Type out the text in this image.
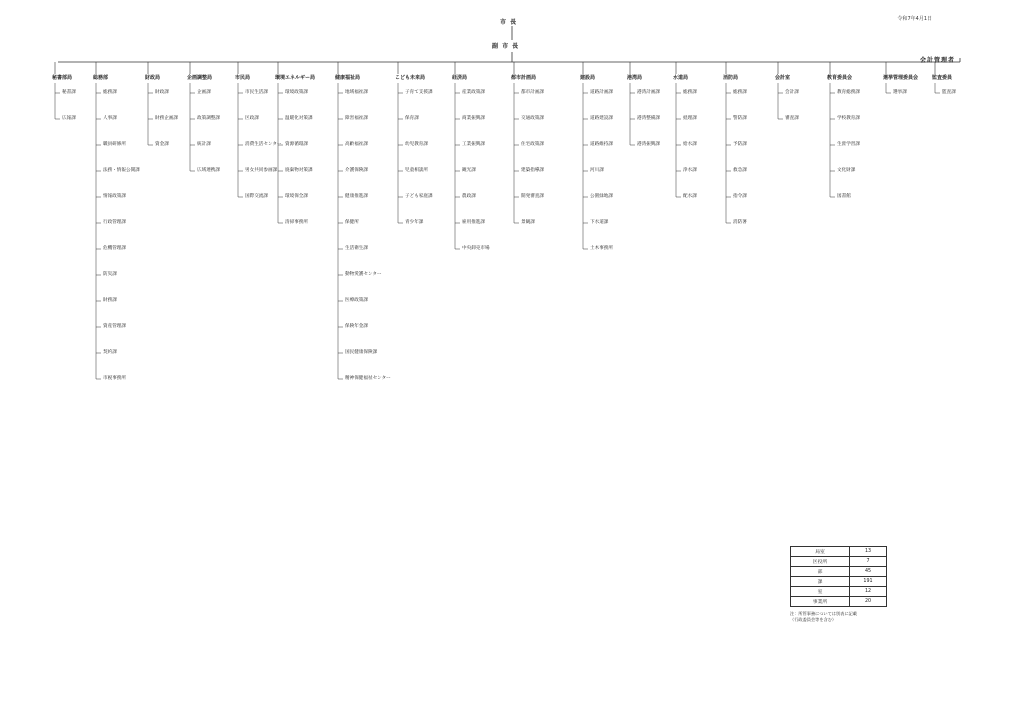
市 長
副 市 長
会計管理者
令和7年4月1日
秘書部局
秘書課
広報課
総務部
総務課
人事課
職員研修所
法務・情報公開課
情報政策課
行政管理課
危機管理課
防災課
財務課
資産管理課
契約課
市税事務所
財政局
財政課
財務企画課
資金課
企画調整局
企画課
政策調整課
統計課
広域連携課
市民局
市民生活課
区政課
消費生活センター
男女共同参画課
国際交流課
環境エネルギー局
環境政策課
温暖化対策課
資源循環課
廃棄物対策課
環境保全課
清掃事務所
健康福祉局
地域福祉課
障害福祉課
高齢福祉課
介護保険課
健康推進課
保健所
生活衛生課
動物愛護センター
医療政策課
保険年金課
国民健康保険課
精神保健福祉センター
こども未来局
子育て支援課
保育課
幼児教育課
児童相談所
子ども家庭課
青少年課
経済局
産業政策課
商業振興課
工業振興課
観光課
農政課
雇用推進課
中央卸売市場
都市計画局
都市計画課
交通政策課
住宅政策課
建築指導課
開発審査課
景観課
建設局
道路計画課
道路建設課
道路維持課
河川課
公園緑地課
下水道課
土木事務所
港湾局
港湾計画課
港湾整備課
港湾振興課
水道局
総務課
経理課
給水課
浄水課
配水課
消防局
総務課
警防課
予防課
救急課
指令課
消防署
会計室
会計課
審査課
教育委員会
教育総務課
学校教育課
生涯学習課
文化財課
図書館
選挙管理委員会
選挙課
監査委員
監査課
局室	13
区役所	7
部	45
課	191
室	12
事業所	20
注：所管事務については別表に記載
（行政委員会等を含む）
